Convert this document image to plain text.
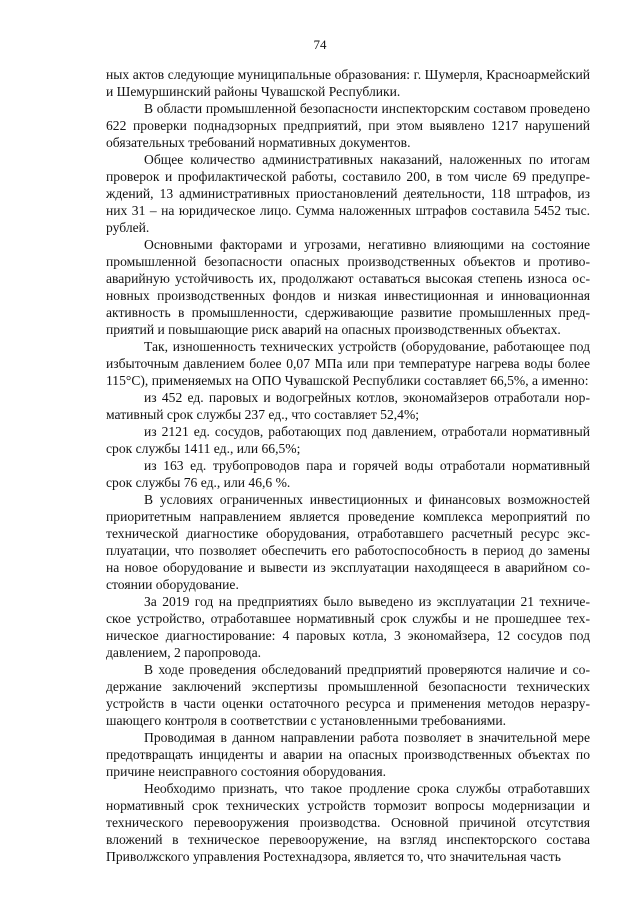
74

ных актов следующие муниципальные образования: г. Шумерля, Красноармейский и Шемуршинский районы Чувашской Республики.

В области промышленной безопасности инспекторским составом проведено 622 проверки поднадзорных предприятий, при этом выявлено 1217 нарушений обязательных требований нормативных документов.

Общее количество административных наказаний, наложенных по итогам проверок и профилактической работы, составило 200, в том числе 69 предупреждений, 13 административных приостановлений деятельности, 118 штрафов, из них 31 – на юридическое лицо. Сумма наложенных штрафов составила 5452 тыс. рублей.

Основными факторами и угрозами, негативно влияющими на состояние промышленной безопасности опасных производственных объектов и противоаварийную устойчивость их, продолжают оставаться высокая степень износа основных производственных фондов и низкая инвестиционная и инновационная активность в промышленности, сдерживающие развитие промышленных предприятий и повышающие риск аварий на опасных производственных объектах.

Так, изношенность технических устройств (оборудование, работающее под избыточным давлением более 0,07 МПа или при температуре нагрева воды более 115°С), применяемых на ОПО Чувашской Республики составляет 66,5%, а именно:

из 452 ед. паровых и водогрейных котлов, экономайзеров отработали нормативный срок службы 237 ед., что составляет 52,4%;

из 2121 ед. сосудов, работающих под давлением, отработали нормативный срок службы 1411 ед., или 66,5%;

из 163 ед. трубопроводов пара и горячей воды отработали нормативный срок службы 76 ед., или 46,6 %.

В условиях ограниченных инвестиционных и финансовых возможностей приоритетным направлением является проведение комплекса мероприятий по технической диагностике оборудования, отработавшего расчетный ресурс эксплуатации, что позволяет обеспечить его работоспособность в период до замены на новое оборудование и вывести из эксплуатации находящееся в аварийном состоянии оборудование.

За 2019 год на предприятиях было выведено из эксплуатации 21 техническое устройство, отработавшее нормативный срок службы и не прошедшее техническое диагностирование: 4 паровых котла, 3 экономайзера, 12 сосудов под давлением, 2 паропровода.

В ходе проведения обследований предприятий проверяются наличие и содержание заключений экспертизы промышленной безопасности технических устройств в части оценки остаточного ресурса и применения методов неразрушающего контроля в соответствии с установленными требованиями.

Проводимая в данном направлении работа позволяет в значительной мере предотвращать инциденты и аварии на опасных производственных объектах по причине неисправного состояния оборудования.

Необходимо признать, что такое продление срока службы отработавших нормативный срок технических устройств тормозит вопросы модернизации и технического перевооружения производства. Основной причиной отсутствия вложений в техническое перевооружение, на взгляд инспекторского состава Приволжского управления Ростехнадзора, является то, что значительная часть
